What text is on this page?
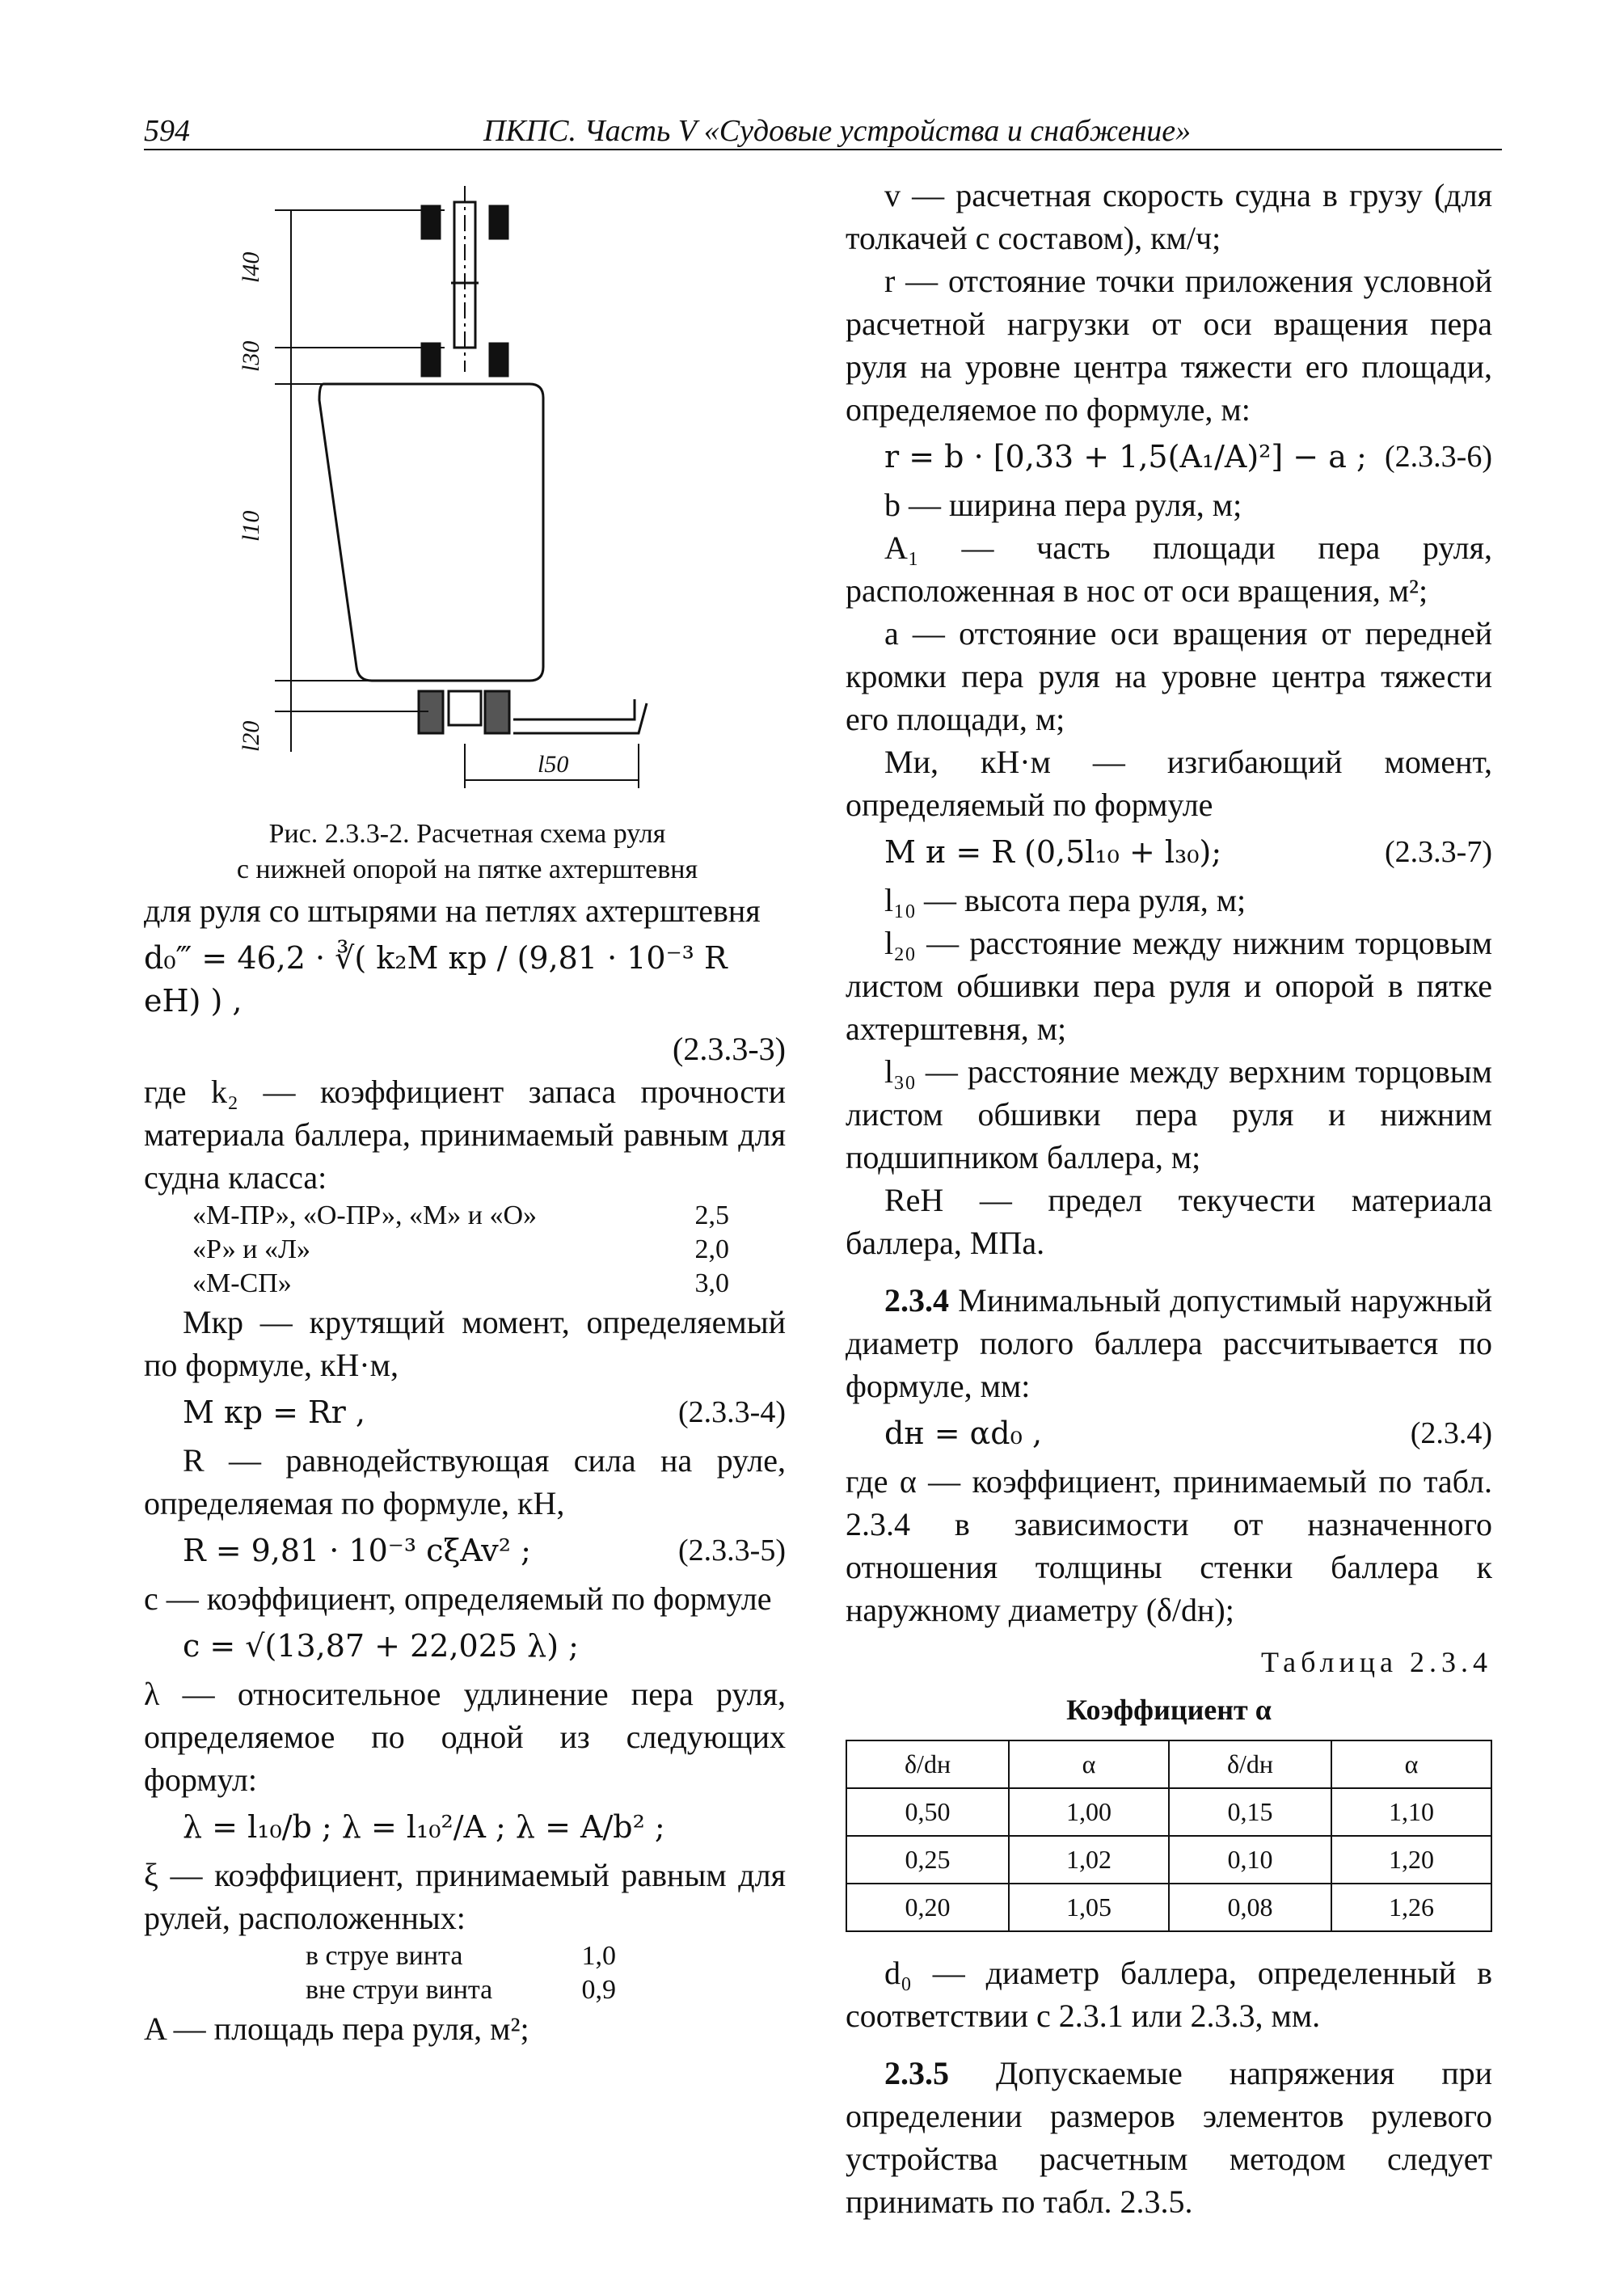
594	ПКПС. Часть V «Судовые устройства и снабжение»
l40
l30
l10
l20
l50
Рис. 2.3.3-2. Расчетная схема руля
с нижней опорой на пятке ахтерштевня

для руля со штырями на петлях ахтерштевня

d₀‴ = 46,2 · ∛( k₂M кр / (9,81 · 10⁻³ R еН) ) ,
(2.3.3-3)

где k₂ — коэффициент запаса прочности материала баллера, принимаемый равным для судна класса:

«М-ПР», «О-ПР», «М» и «О»	2,5
«Р» и «Л»	2,0
«М-СП»	3,0

Mкр — крутящий момент, определяемый по формуле, кН·м,

M кр = Rr ,	(2.3.3-4)

R — равнодействующая сила на руле, определяемая по формуле, кН,

R = 9,81 · 10⁻³ cξAv² ;	(2.3.3-5)

c — коэффициент, определяемый по формуле

c = √(13,87 + 22,025 λ) ;

λ — относительное удлинение пера руля, определяемое по одной из следующих формул:

λ = l₁₀/b ; λ = l₁₀²/A ; λ = A/b² ;

ξ — коэффициент, принимаемый равным для рулей, расположенных:

в струе винта	1,0
вне струи винта	0,9

A — площадь пера руля, м²;

v — расчетная скорость судна в грузу (для толкачей с составом), км/ч;

r — отстояние точки приложения условной расчетной нагрузки от оси вращения пера руля на уровне центра тяжести его площади, определяемое по формуле, м:

r = b · [0,33 + 1,5(A₁/A)²] − a ; (2.3.3-6)

b — ширина пера руля, м;

A₁ — часть площади пера руля, расположенная в нос от оси вращения, м²;

a — отстояние оси вращения от передней кромки пера руля на уровне центра тяжести его площади, м;

Mи, кН·м — изгибающий момент, определяемый по формуле

M и = R (0,5l₁₀ + l₃₀);	(2.3.3-7)

l₁₀ — высота пера руля, м;

l₂₀ — расстояние между нижним торцовым листом обшивки пера руля и опорой в пятке ахтерштевня, м;

l₃₀ — расстояние между верхним торцовым листом обшивки пера руля и нижним подшипником баллера, м;

ReH — предел текучести материала баллера, МПа.

2.3.4 Минимальный допустимый наружный диаметр полого баллера рассчитывается по формуле, мм:

dн = αd₀ ,	(2.3.4)

где α — коэффициент, принимаемый по табл. 2.3.4 в зависимости от назначенного отношения толщины стенки баллера к наружному диаметру (δ/dн);

Таблица 2.3.4
Коэффициент α
δ/dн	α	δ/dн	α
0,50	1,00	0,15	1,10
0,25	1,02	0,10	1,20
0,20	1,05	0,08	1,26

d₀ — диаметр баллера, определенный в соответствии с 2.3.1 или 2.3.3, мм.

2.3.5 Допускаемые напряжения при определении размеров элементов рулевого устройства расчетным методом следует принимать по табл. 2.3.5.
